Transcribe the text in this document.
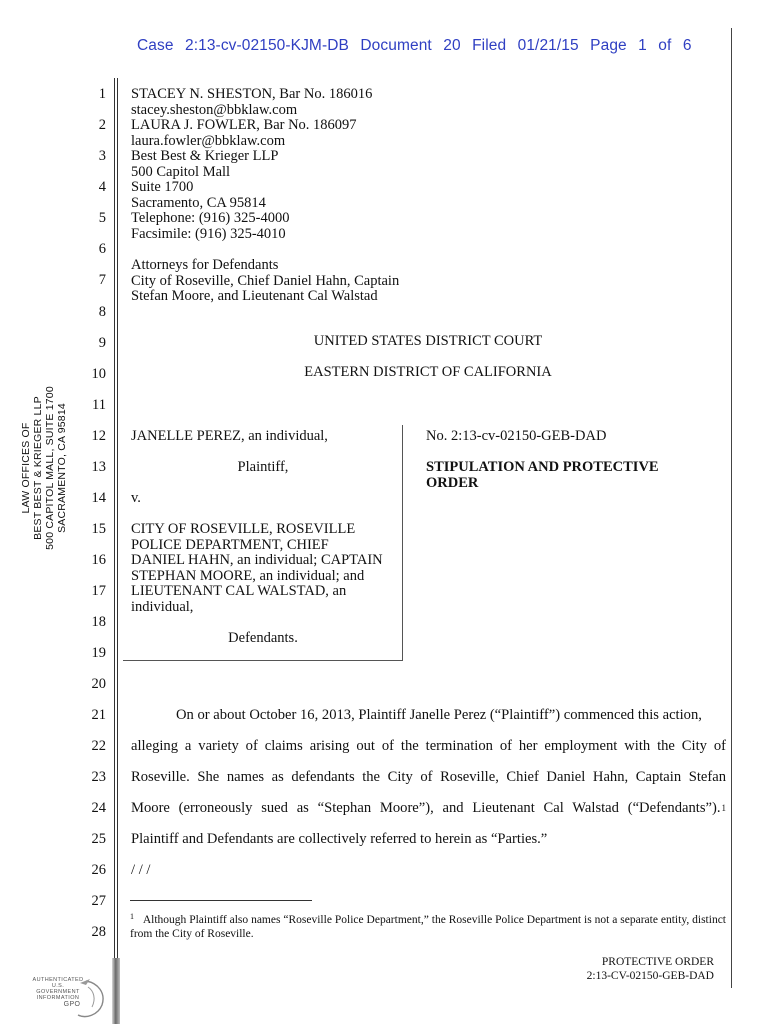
Case 2:13-cv-02150-KJM-DB Document 20 Filed 01/21/15 Page 1 of 6
LAW OFFICES OF BEST BEST & KRIEGER LLP 500 CAPITOL MALL, SUITE 1700 SACRAMENTO, CA 95814
1
2
3
4
5
6
7
8
9
10
11
12
13
14
15
16
17
18
19
20
21
22
23
24
25
26
27
28
STACEY N. SHESTON, Bar No. 186016
stacey.sheston@bbklaw.com
LAURA J. FOWLER, Bar No. 186097
laura.fowler@bbklaw.com
Best Best & Krieger LLP
500 Capitol Mall
Suite 1700
Sacramento, CA 95814
Telephone: (916) 325-4000
Facsimile: (916) 325-4010
Attorneys for Defendants
City of Roseville, Chief Daniel Hahn, Captain
Stefan Moore, and Lieutenant Cal Walstad
UNITED STATES DISTRICT COURT
EASTERN DISTRICT OF CALIFORNIA
JANELLE PEREZ, an individual,
Plaintiff,
v.
CITY OF ROSEVILLE, ROSEVILLE
POLICE DEPARTMENT, CHIEF
DANIEL HAHN, an individual; CAPTAIN
STEPHAN MOORE, an individual; and
LIEUTENANT CAL WALSTAD, an
individual,
Defendants.
No. 2:13-cv-02150-GEB-DAD
STIPULATION AND PROTECTIVE
ORDER
On or about October 16, 2013, Plaintiff Janelle Perez (“Plaintiff”) commenced this action,
alleging a variety of claims arising out of the termination of her employment with the City of
Roseville. She names as defendants the City of Roseville, Chief Daniel Hahn, Captain Stefan
Moore (erroneously sued as “Stephan Moore”), and Lieutenant Cal Walstad (“Defendants”). 1
Plaintiff and Defendants are collectively referred to herein as “Parties.”
/ / /
$^1$ Although Plaintiff also names “Roseville Police Department,” the Roseville Police Department is not a separate entity, distinct from the City of Roseville.
PROTECTIVE ORDER
2:13-CV-02150-GEB-DAD
AUTHENTICATED
U.S. GOVERNMENT
INFORMATION
GPO
